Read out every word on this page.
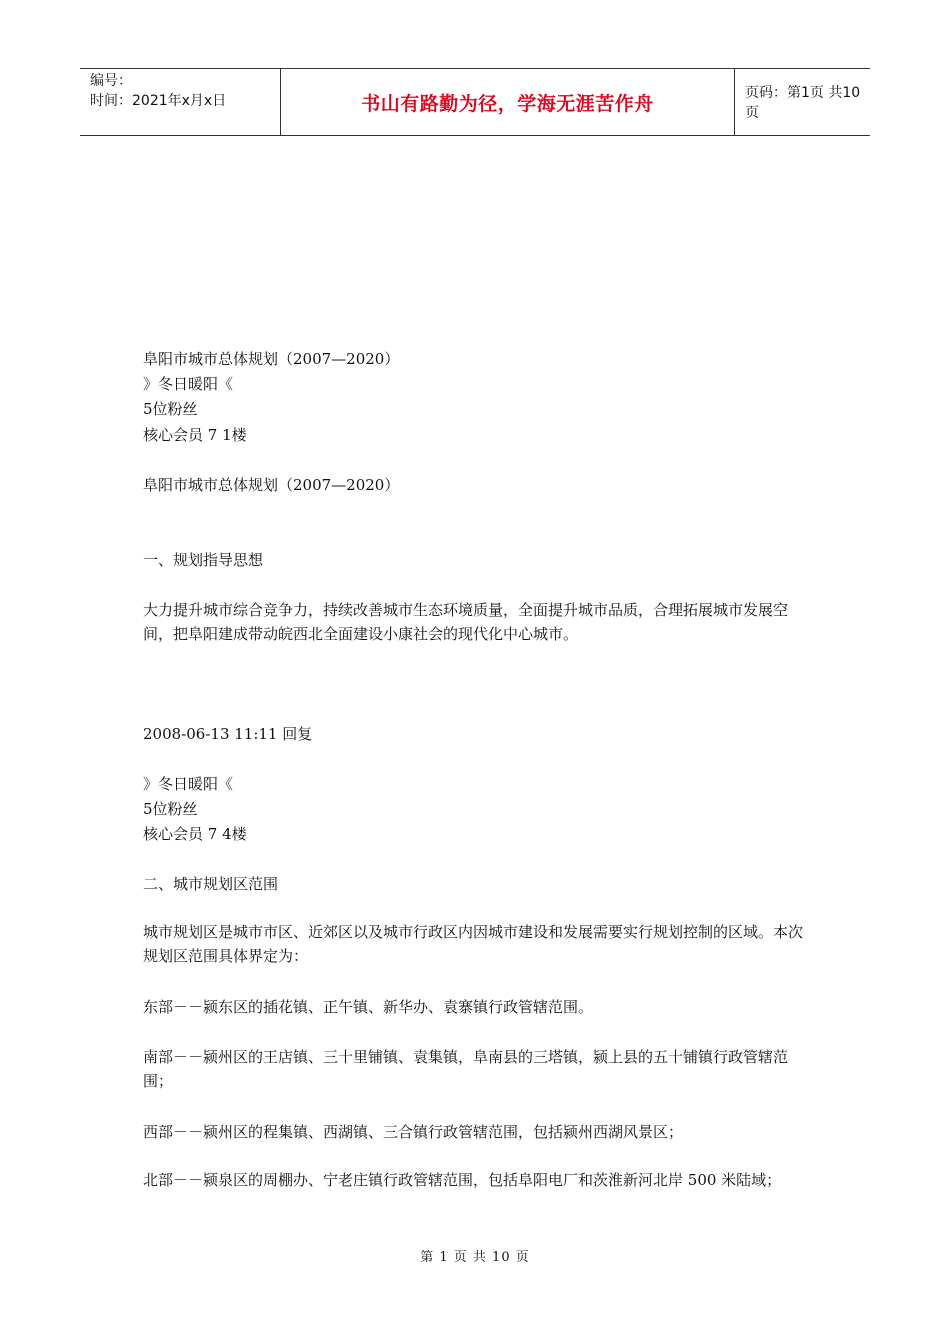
编号：
时间：2021年x月x日	书山有路勤为径，学海无涯苦作舟	页码：第1页 共10页
阜阳市城市总体规划（2007—2020）
》冬日暖阳《
5位粉丝
核心会员 7 1楼
阜阳市城市总体规划（2007—2020）
一、规划指导思想
大力提升城市综合竞争力，持续改善城市生态环境质量，全面提升城市品质，合理拓展城市发展空间，把阜阳建成带动皖西北全面建设小康社会的现代化中心城市。
2008-06-13 11:11 回复
》冬日暖阳《
5位粉丝
核心会员 7 4楼
二、城市规划区范围
城市规划区是城市市区、近郊区以及城市行政区内因城市建设和发展需要实行规划控制的区域。本次规划区范围具体界定为：
东部－－颍东区的插花镇、正午镇、新华办、袁寨镇行政管辖范围。
南部－－颍州区的王店镇、三十里铺镇、袁集镇，阜南县的三塔镇，颍上县的五十铺镇行政管辖范围；
西部－－颍州区的程集镇、西湖镇、三合镇行政管辖范围，包括颍州西湖风景区；
北部－－颍泉区的周棚办、宁老庄镇行政管辖范围，包括阜阳电厂和茨淮新河北岸 500 米陆域；
第 1 页 共 10 页
